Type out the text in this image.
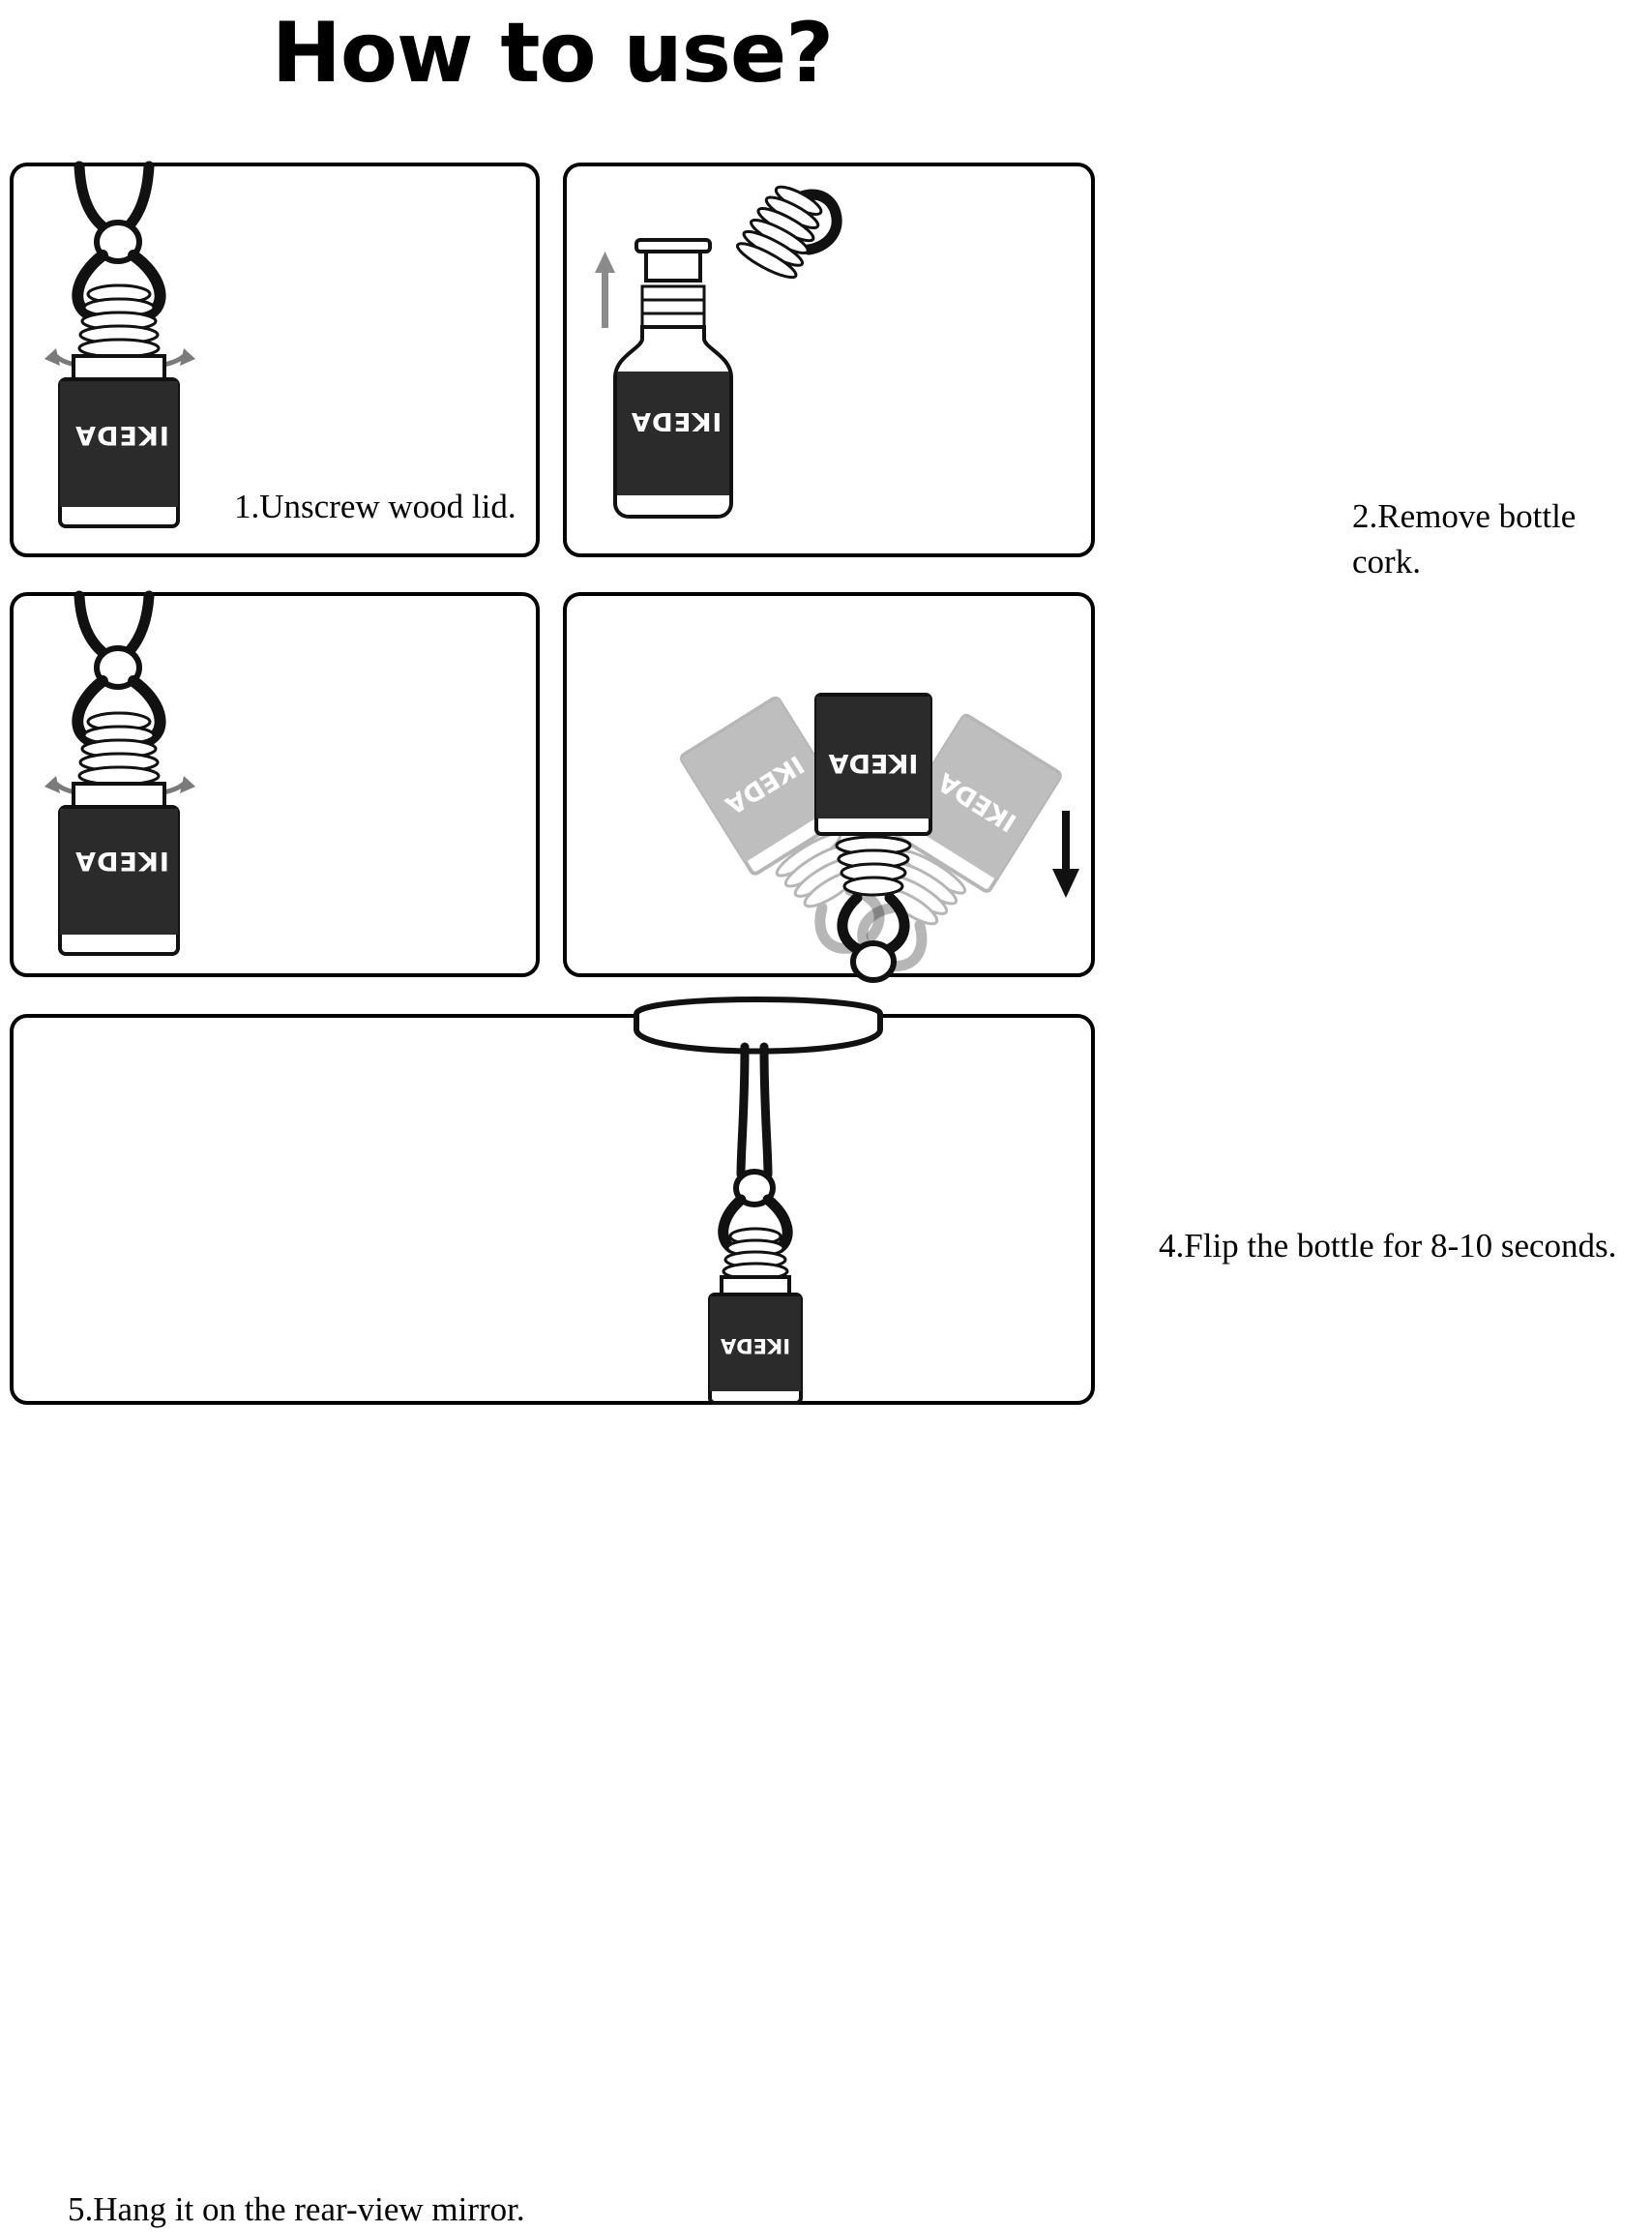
How to use?
IKEDA
1.Unscrew wood lid.
IKEDA
2.Remove bottle cork.
IKEDA
IKEDA	IKEDA
IKEDA
4.Flip the bottle for 8-10 seconds.
IKEDA
5.Hang it on the rear-view mirror.
